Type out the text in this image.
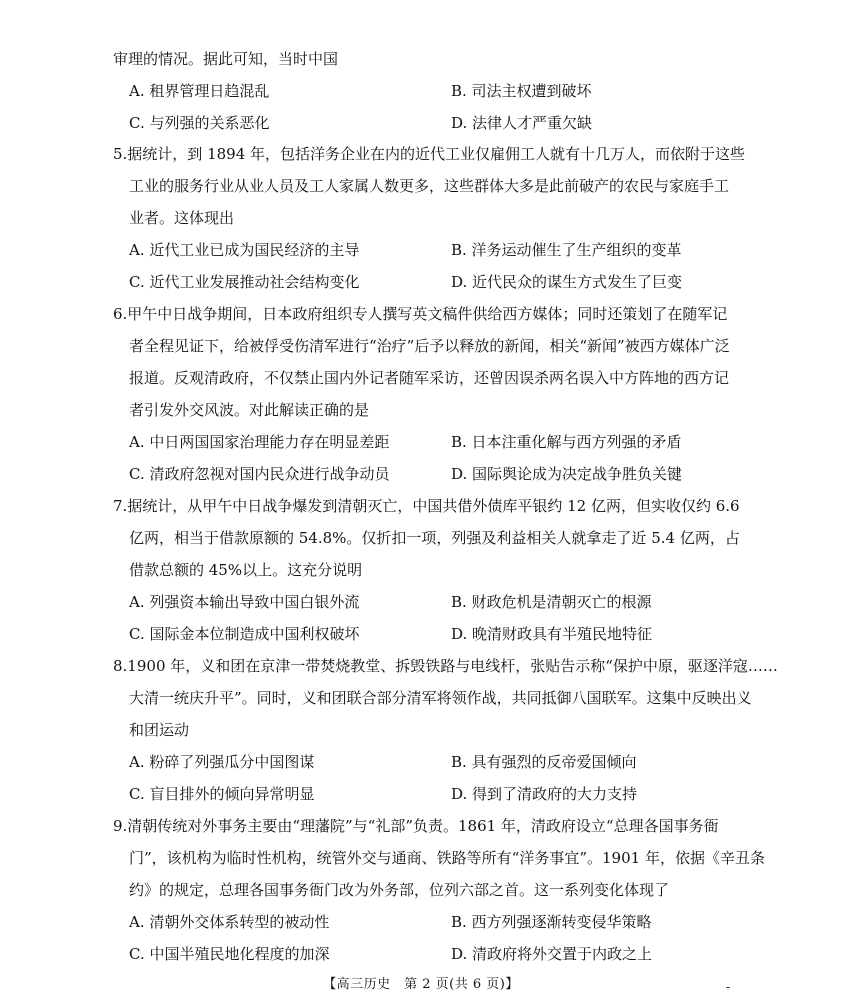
审理的情况。据此可知，当时中国
A. 租界管理日趋混乱	B. 司法主权遭到破坏
C. 与列强的关系恶化	D. 法律人才严重欠缺
5.据统计，到 1894 年，包括洋务企业在内的近代工业仅雇佣工人就有十几万人，而依附于这些
工业的服务行业从业人员及工人家属人数更多，这些群体大多是此前破产的农民与家庭手工
业者。这体现出
A. 近代工业已成为国民经济的主导	B. 洋务运动催生了生产组织的变革
C. 近代工业发展推动社会结构变化	D. 近代民众的谋生方式发生了巨变
6.甲午中日战争期间，日本政府组织专人撰写英文稿件供给西方媒体；同时还策划了在随军记
者全程见证下，给被俘受伤清军进行“治疗”后予以释放的新闻，相关“新闻”被西方媒体广泛
报道。反观清政府，不仅禁止国内外记者随军采访，还曾因误杀两名误入中方阵地的西方记
者引发外交风波。对此解读正确的是
A. 中日两国国家治理能力存在明显差距	B. 日本注重化解与西方列强的矛盾
C. 清政府忽视对国内民众进行战争动员	D. 国际舆论成为决定战争胜负关键
7.据统计，从甲午中日战争爆发到清朝灭亡，中国共借外债库平银约 12 亿两，但实收仅约 6.6
亿两，相当于借款原额的 54.8%。仅折扣一项，列强及利益相关人就拿走了近 5.4 亿两，占
借款总额的 45%以上。这充分说明
A. 列强资本输出导致中国白银外流	B. 财政危机是清朝灭亡的根源
C. 国际金本位制造成中国利权破坏	D. 晚清财政具有半殖民地特征
8.1900 年，义和团在京津一带焚烧教堂、拆毁铁路与电线杆，张贴告示称“保护中原，驱逐洋寇……
大清一统庆升平”。同时，义和团联合部分清军将领作战，共同抵御八国联军。这集中反映出义
和团运动
A. 粉碎了列强瓜分中国图谋	B. 具有强烈的反帝爱国倾向
C. 盲目排外的倾向异常明显	D. 得到了清政府的大力支持
9.清朝传统对外事务主要由“理藩院”与“礼部”负责。1861 年，清政府设立“总理各国事务衙
门”，该机构为临时性机构，统管外交与通商、铁路等所有“洋务事宜”。1901 年，依据《辛丑条
约》的规定，总理各国事务衙门改为外务部，位列六部之首。这一系列变化体现了
A. 清朝外交体系转型的被动性	B. 西方列强逐渐转变侵华策略
C. 中国半殖民地化程度的加深	D. 清政府将外交置于内政之上
【高三历史　第 2 页(共 6 页)】	-
